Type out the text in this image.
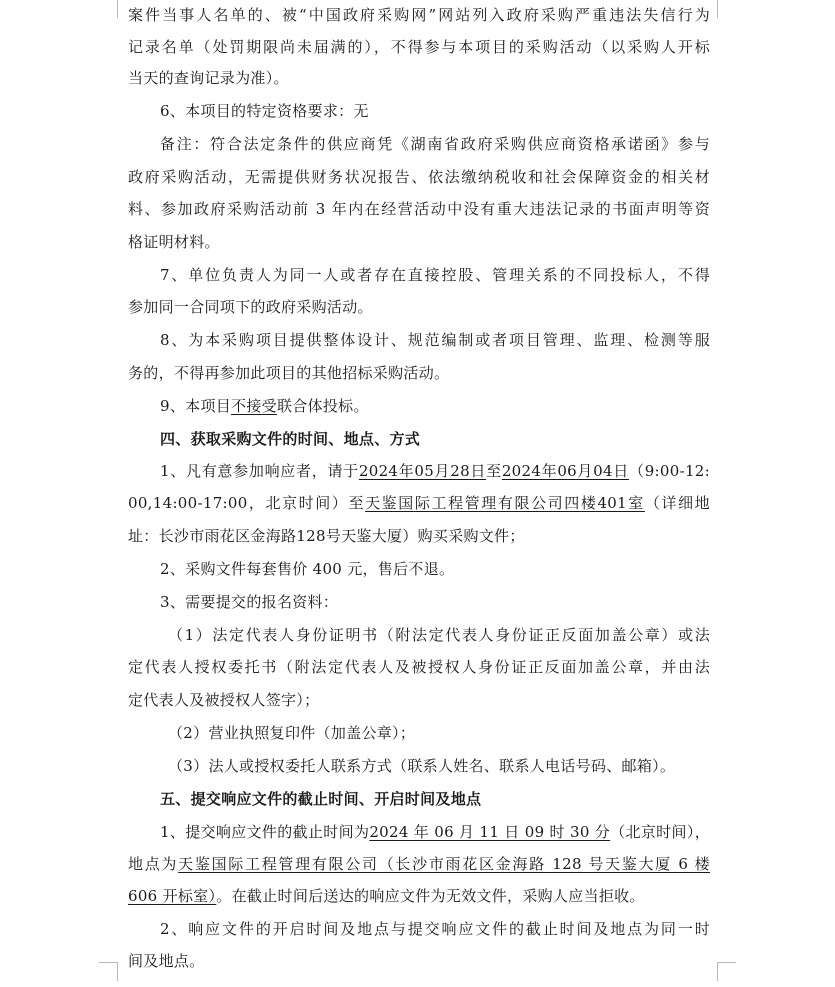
案件当事人名单的、被“中国政府采购网”网站列入政府采购严重违法失信行为
记录名单（处罚期限尚未届满的），不得参与本项目的采购活动（以采购人开标
当天的查询记录为准）。
6、本项目的特定资格要求：无
备注：符合法定条件的供应商凭《湖南省政府采购供应商资格承诺函》参与
政府采购活动，无需提供财务状况报告、依法缴纳税收和社会保障资金的相关材
料、参加政府采购活动前 3 年内在经营活动中没有重大违法记录的书面声明等资
格证明材料。
7、单位负责人为同一人或者存在直接控股、管理关系的不同投标人，不得
参加同一合同项下的政府采购活动。
8、为本采购项目提供整体设计、规范编制或者项目管理、监理、检测等服
务的，不得再参加此项目的其他招标采购活动。
9、本项目不接受联合体投标。
四、获取采购文件的时间、地点、方式
1、凡有意参加响应者，请于2024年05月28日至2024年06月04日（9:00-12:
00,14:00-17:00，北京时间）至天鉴国际工程管理有限公司四楼401室（详细地
址：长沙市雨花区金海路128号天鉴大厦）购买采购文件；
2、采购文件每套售价 400 元，售后不退。
3、需要提交的报名资料：
（1）法定代表人身份证明书（附法定代表人身份证正反面加盖公章）或法
定代表人授权委托书（附法定代表人及被授权人身份证正反面加盖公章，并由法
定代表人及被授权人签字）；
（2）营业执照复印件（加盖公章）；
（3）法人或授权委托人联系方式（联系人姓名、联系人电话号码、邮箱）。
五、提交响应文件的截止时间、开启时间及地点
1、提交响应文件的截止时间为2024 年 06 月 11 日 09 时 30 分（北京时间），
地点为天鉴国际工程管理有限公司（长沙市雨花区金海路 128 号天鉴大厦 6 楼
606 开标室）。在截止时间后送达的响应文件为无效文件，采购人应当拒收。
2、响应文件的开启时间及地点与提交响应文件的截止时间及地点为同一时
间及地点。
